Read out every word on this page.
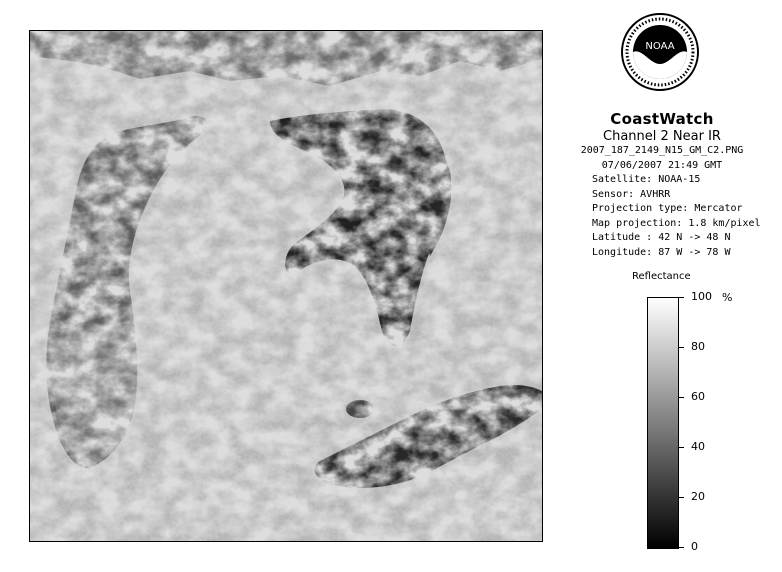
NOAA
CoastWatch
Channel 2 Near IR
2007_187_2149_N15_GM_C2.PNG
07/06/2007 21:49 GMT
Satellite: NOAA-15
Sensor: AVHRR
Projection type: Mercator
Map projection: 1.8 km/pixel
Latitude : 42 N -> 48 N
Longitude: 87 W -> 78 W
Reflectance
%
100
80
60
40
20
0
